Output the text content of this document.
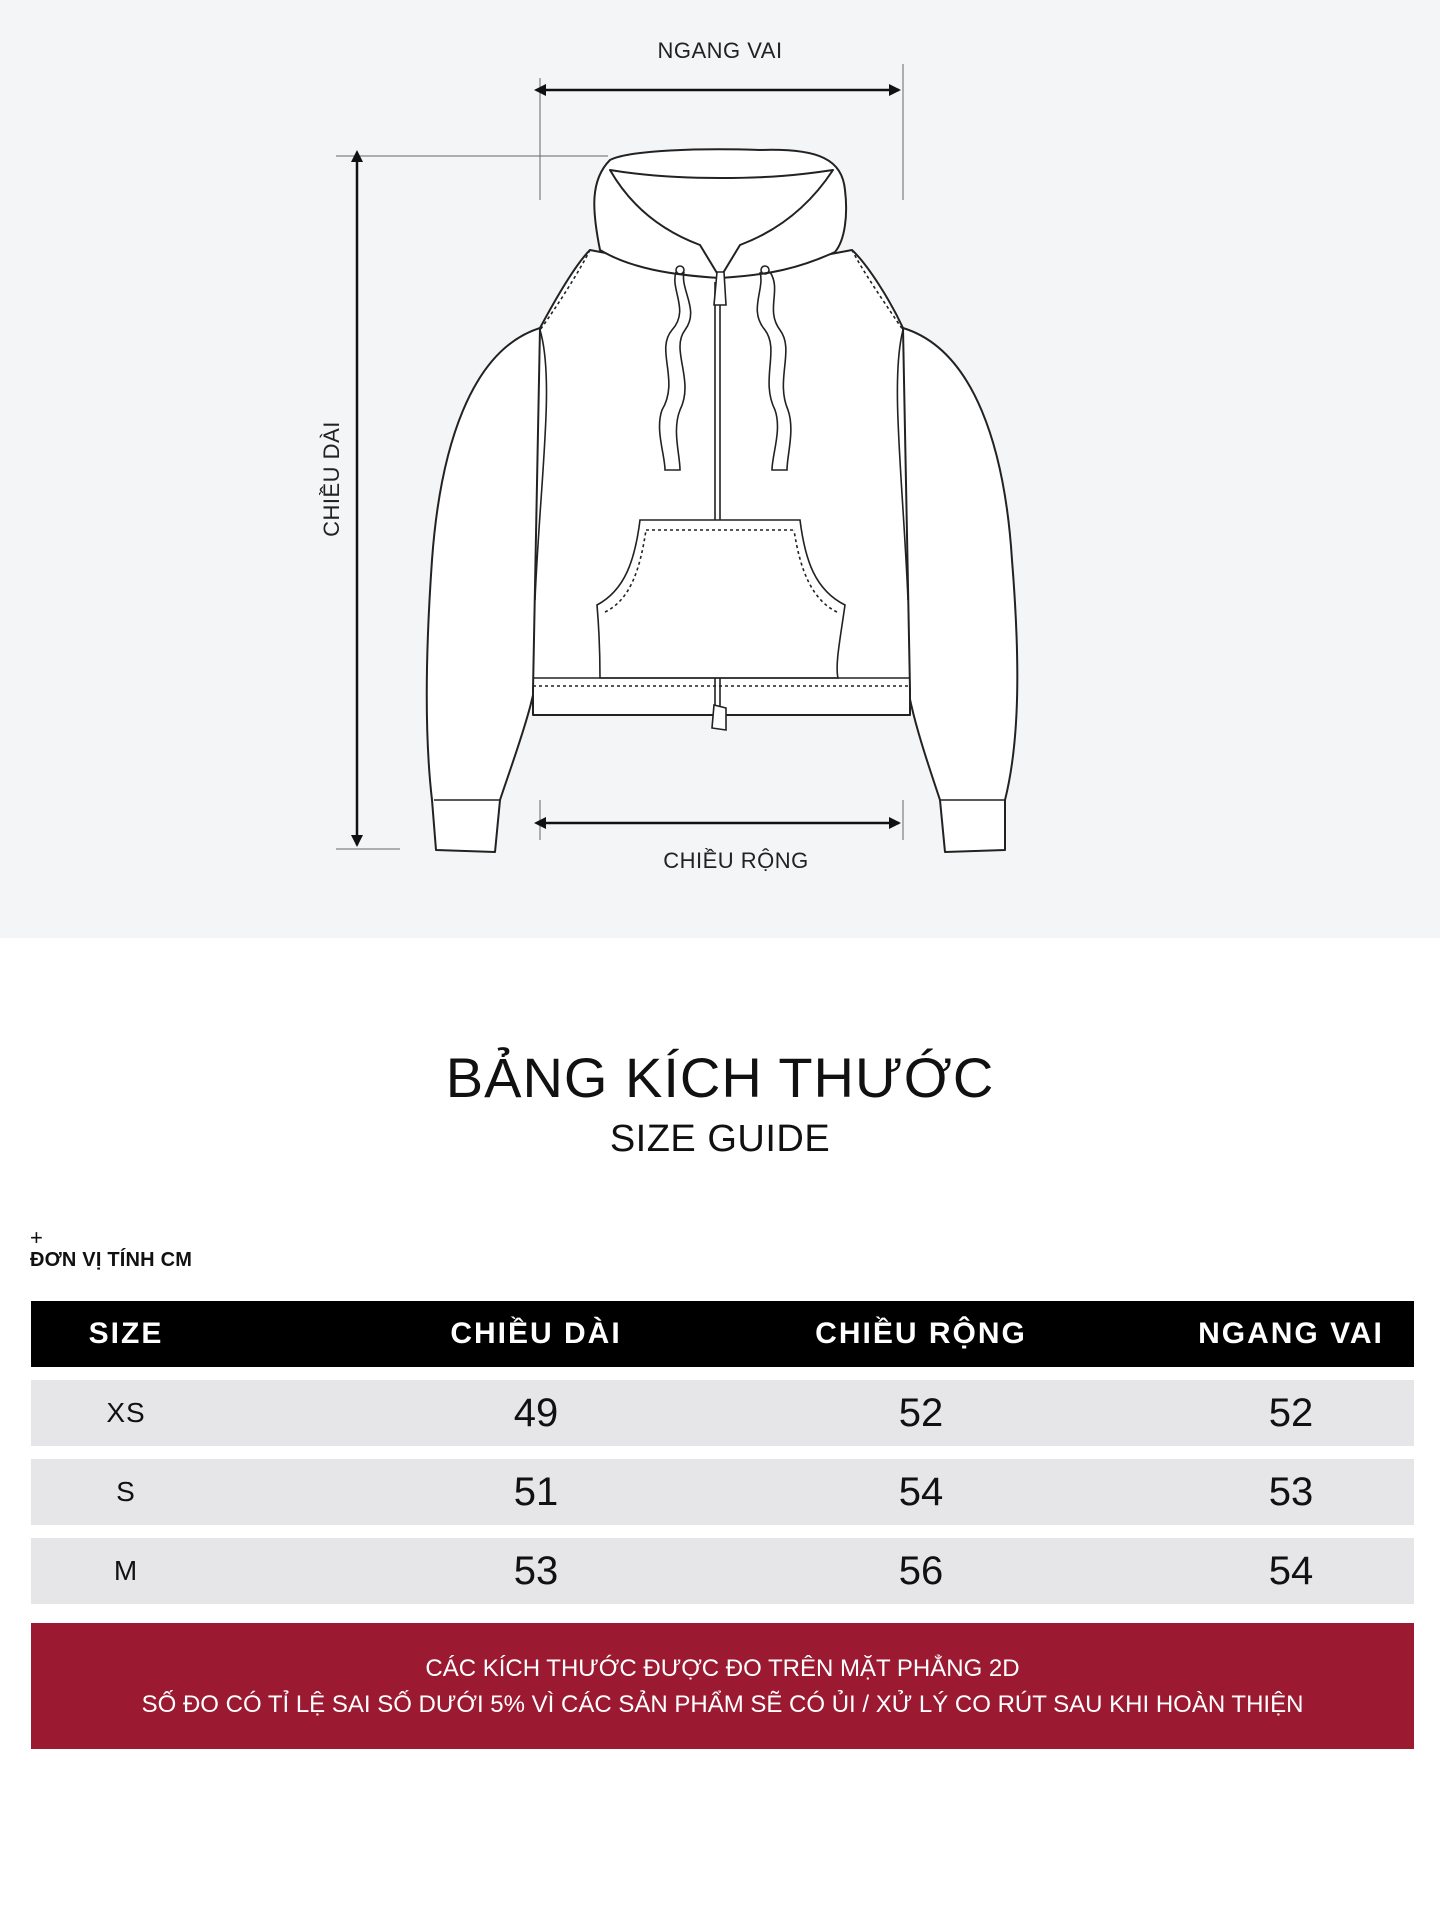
NGANG VAI
CHIỀU DÀI
CHIỀU RỘNG
BẢNG KÍCH THƯỚC
SIZE GUIDE
+
ĐƠN VỊ TÍNH CM
SIZE	CHIỀU DÀI	CHIỀU RỘNG	NGANG VAI
XS	49	52	52
S	51	54	53
M	53	56	54
CÁC KÍCH THƯỚC ĐƯỢC ĐO TRÊN MẶT PHẲNG 2D
SỐ ĐO CÓ TỈ LỆ SAI SỐ DƯỚI 5% VÌ CÁC SẢN PHẨM SẼ CÓ ỦI / XỬ LÝ CO RÚT SAU KHI HOÀN THIỆN
